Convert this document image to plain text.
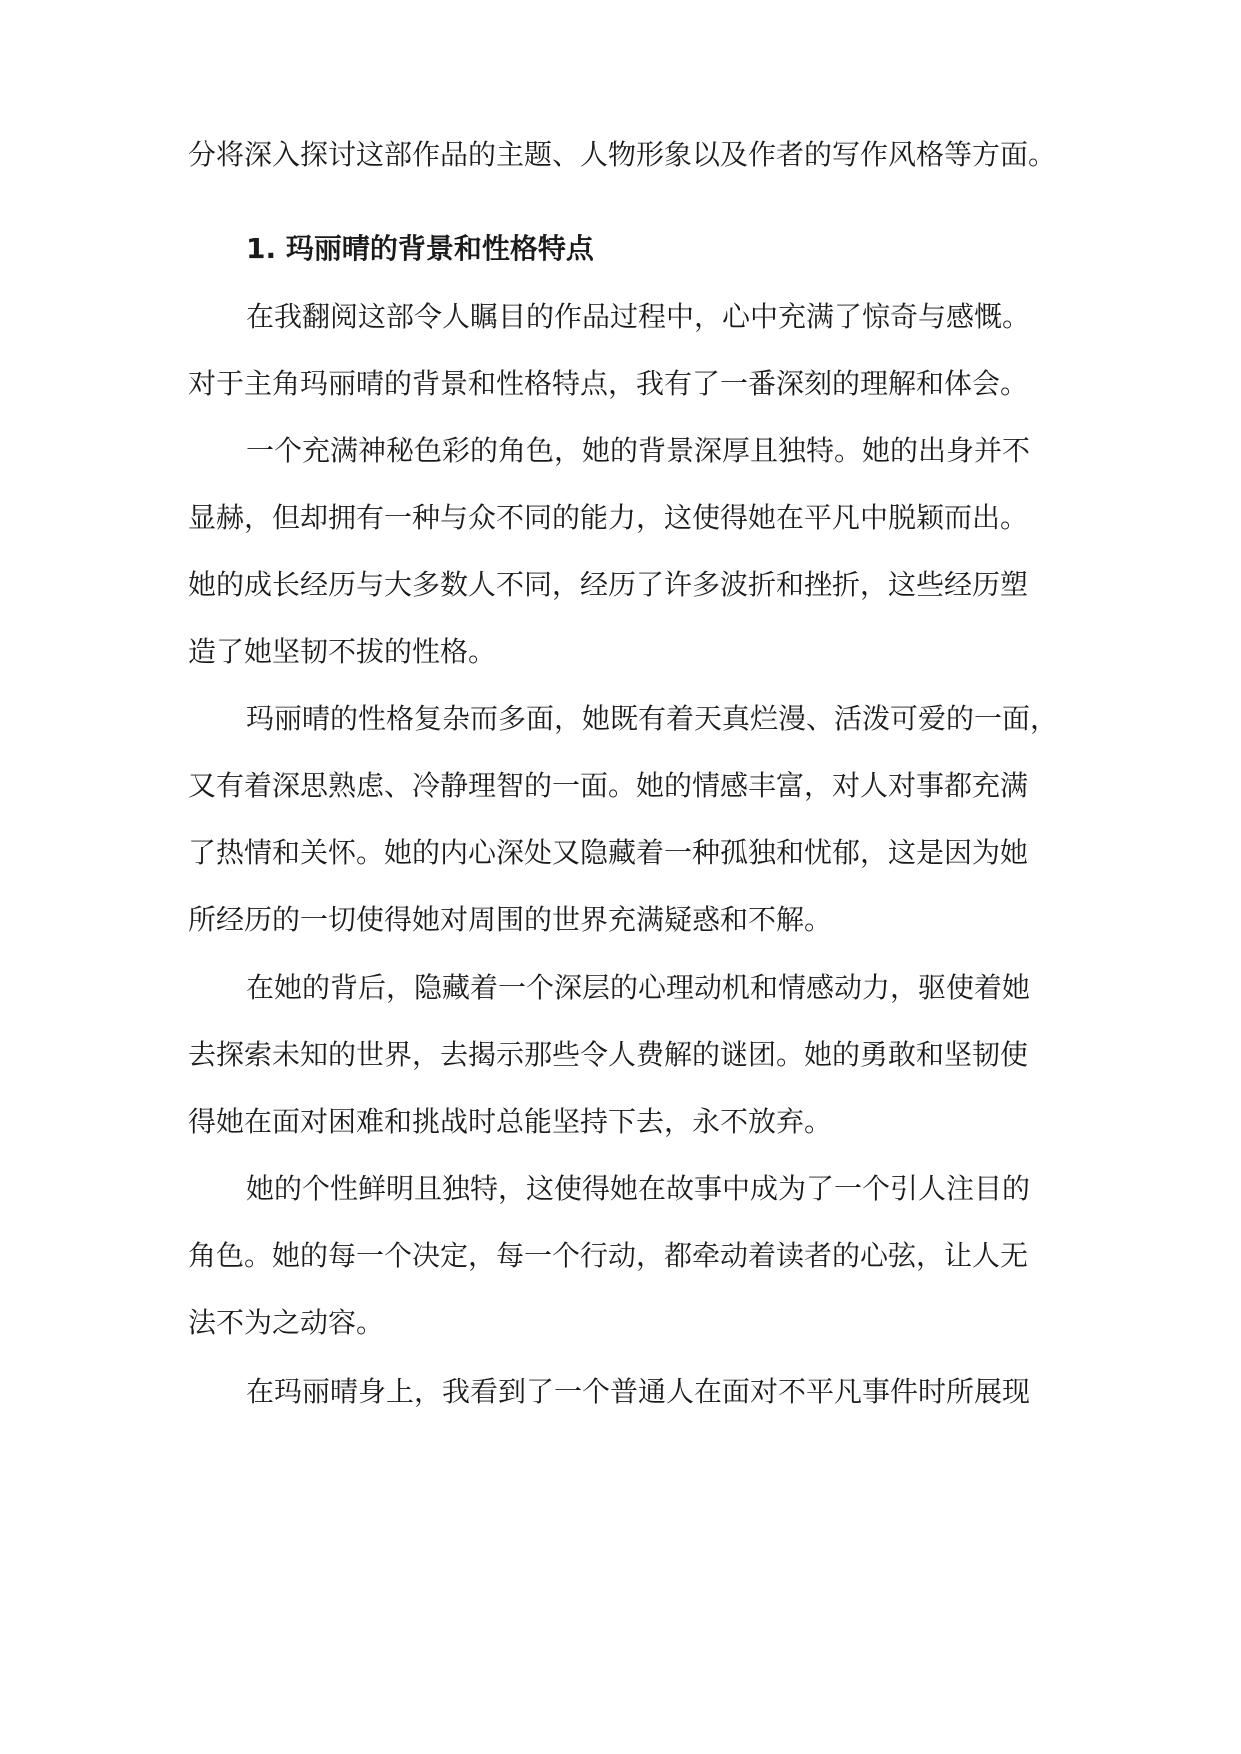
分将深入探讨这部作品的主题、人物形象以及作者的写作风格等方面。
1. 玛丽晴的背景和性格特点
在我翻阅这部令人瞩目的作品过程中，心中充满了惊奇与感慨。
对于主角玛丽晴的背景和性格特点，我有了一番深刻的理解和体会。
一个充满神秘色彩的角色，她的背景深厚且独特。她的出身并不
显赫，但却拥有一种与众不同的能力，这使得她在平凡中脱颖而出。
她的成长经历与大多数人不同，经历了许多波折和挫折，这些经历塑
造了她坚韧不拔的性格。
玛丽晴的性格复杂而多面，她既有着天真烂漫、活泼可爱的一面，
又有着深思熟虑、冷静理智的一面。她的情感丰富，对人对事都充满
了热情和关怀。她的内心深处又隐藏着一种孤独和忧郁，这是因为她
所经历的一切使得她对周围的世界充满疑惑和不解。
在她的背后，隐藏着一个深层的心理动机和情感动力，驱使着她
去探索未知的世界，去揭示那些令人费解的谜团。她的勇敢和坚韧使
得她在面对困难和挑战时总能坚持下去，永不放弃。
她的个性鲜明且独特，这使得她在故事中成为了一个引人注目的
角色。她的每一个决定，每一个行动，都牵动着读者的心弦，让人无
法不为之动容。
在玛丽晴身上，我看到了一个普通人在面对不平凡事件时所展现
